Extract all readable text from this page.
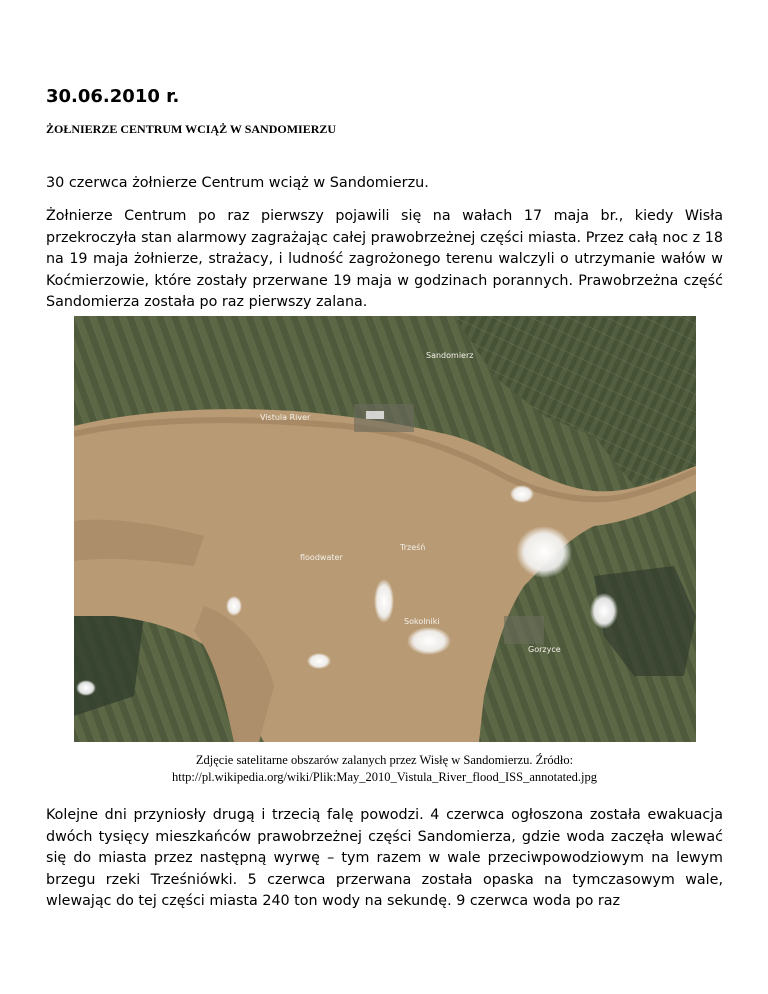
30.06.2010 r.
ŻOŁNIERZE CENTRUM WCIĄŻ W SANDOMIERZU
30 czerwca żołnierze Centrum wciąż w Sandomierzu.

Żołnierze Centrum po raz pierwszy pojawili się na wałach 17 maja br., kiedy Wisła przekroczyła stan alarmowy zagrażając całej prawobrzeżnej części miasta. Przez całą noc z 18 na 19 maja żołnierze, strażacy, i ludność zagrożonego terenu walczyli o utrzymanie wałów w Koćmierzowie, które zostały przerwane 19 maja w godzinach porannych. Prawobrzeżna część Sandomierza została po raz pierwszy zalana.

Sandomierz
Vistula River
floodwater
Trześń
Sokolniki
Gorzyce
Zdjęcie satelitarne obszarów zalanych przez Wisłę w Sandomierzu. Źródło:
http://pl.wikipedia.org/wiki/Plik:May_2010_Vistula_River_flood_ISS_annotated.jpg

Kolejne dni przyniosły drugą i trzecią falę powodzi. 4 czerwca ogłoszona została ewakuacja dwóch tysięcy mieszkańców prawobrzeżnej części Sandomierza, gdzie woda zaczęła wlewać się do miasta przez następną wyrwę – tym razem w wale przeciwpowodziowym na lewym brzegu rzeki Trześniówki. 5 czerwca przerwana została opaska na tymczasowym wale, wlewając do tej części miasta 240 ton wody na sekundę. 9 czerwca woda po raz
